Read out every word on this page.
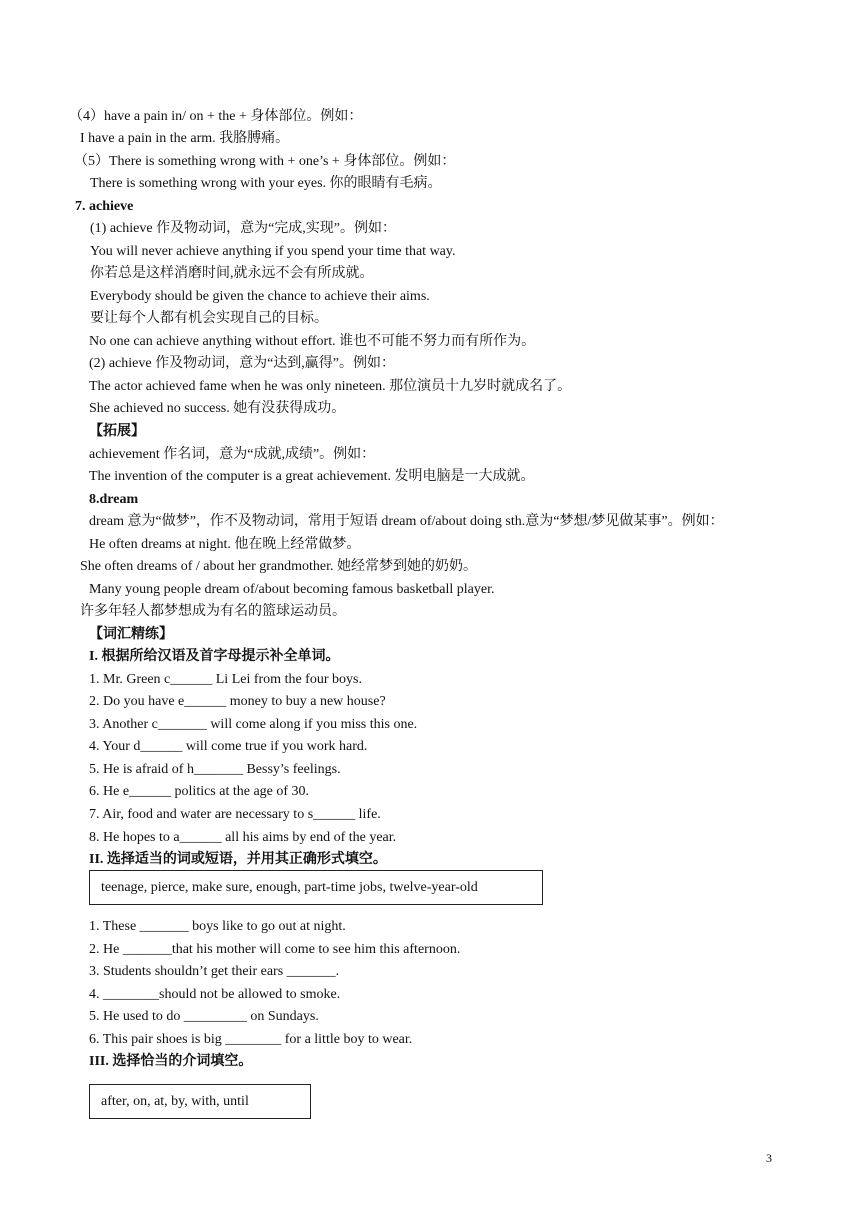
（4）have a pain in/ on + the + 身体部位。例如：
I have a pain in the arm. 我胳膊痛。
（5）There is something wrong with + one’s + 身体部位。例如：
There is something wrong with your eyes. 你的眼睛有毛病。
7. achieve
(1) achieve 作及物动词，意为“完成,实现”。例如：
You will never achieve anything if you spend your time that way.
你若总是这样消磨时间,就永远不会有所成就。
Everybody should be given the chance to achieve their aims.
要让每个人都有机会实现自己的目标。
No one can achieve anything without effort. 谁也不可能不努力而有所作为。
(2) achieve 作及物动词，意为“达到,赢得”。例如：
The actor achieved fame when he was only nineteen. 那位演员十九岁时就成名了。
She achieved no success. 她有没获得成功。
【拓展】
achievement 作名词，意为“成就,成绩”。例如：
The invention of the computer is a great achievement. 发明电脑是一大成就。
8.dream
dream 意为“做梦”，作不及物动词，常用于短语 dream of/about doing sth.意为“梦想/梦见做某事”。例如：
He often dreams at night. 他在晚上经常做梦。
She often dreams of / about her grandmother. 她经常梦到她的奶奶。
Many young people dream of/about becoming famous basketball player.
许多年轻人都梦想成为有名的篮球运动员。
【词汇精练】
I. 根据所给汉语及首字母提示补全单词。
1. Mr. Green c______ Li Lei from the four boys.
2. Do you have e______ money to buy a new house?
3. Another c_______ will come along if you miss this one.
4. Your d______ will come true if you work hard.
5. He is afraid of h_______ Bessy’s feelings.
6. He e______ politics at the age of 30.
7. Air, food and water are necessary to s______ life.
8. He hopes to a______ all his aims by end of the year.
II. 选择适当的词或短语，并用其正确形式填空。
1. These _______ boys like to go out at night.
2. He _______that his mother will come to see him this afternoon.
3. Students shouldn’t get their ears _______.
4. ________should not be allowed to smoke.
5. He used to do _________ on Sundays.
6. This pair shoes is big ________ for a little boy to wear.
III. 选择恰当的介词填空。
teenage, pierce, make sure, enough, part-time jobs, twelve-year-old
after, on, at, by, with, until
3
